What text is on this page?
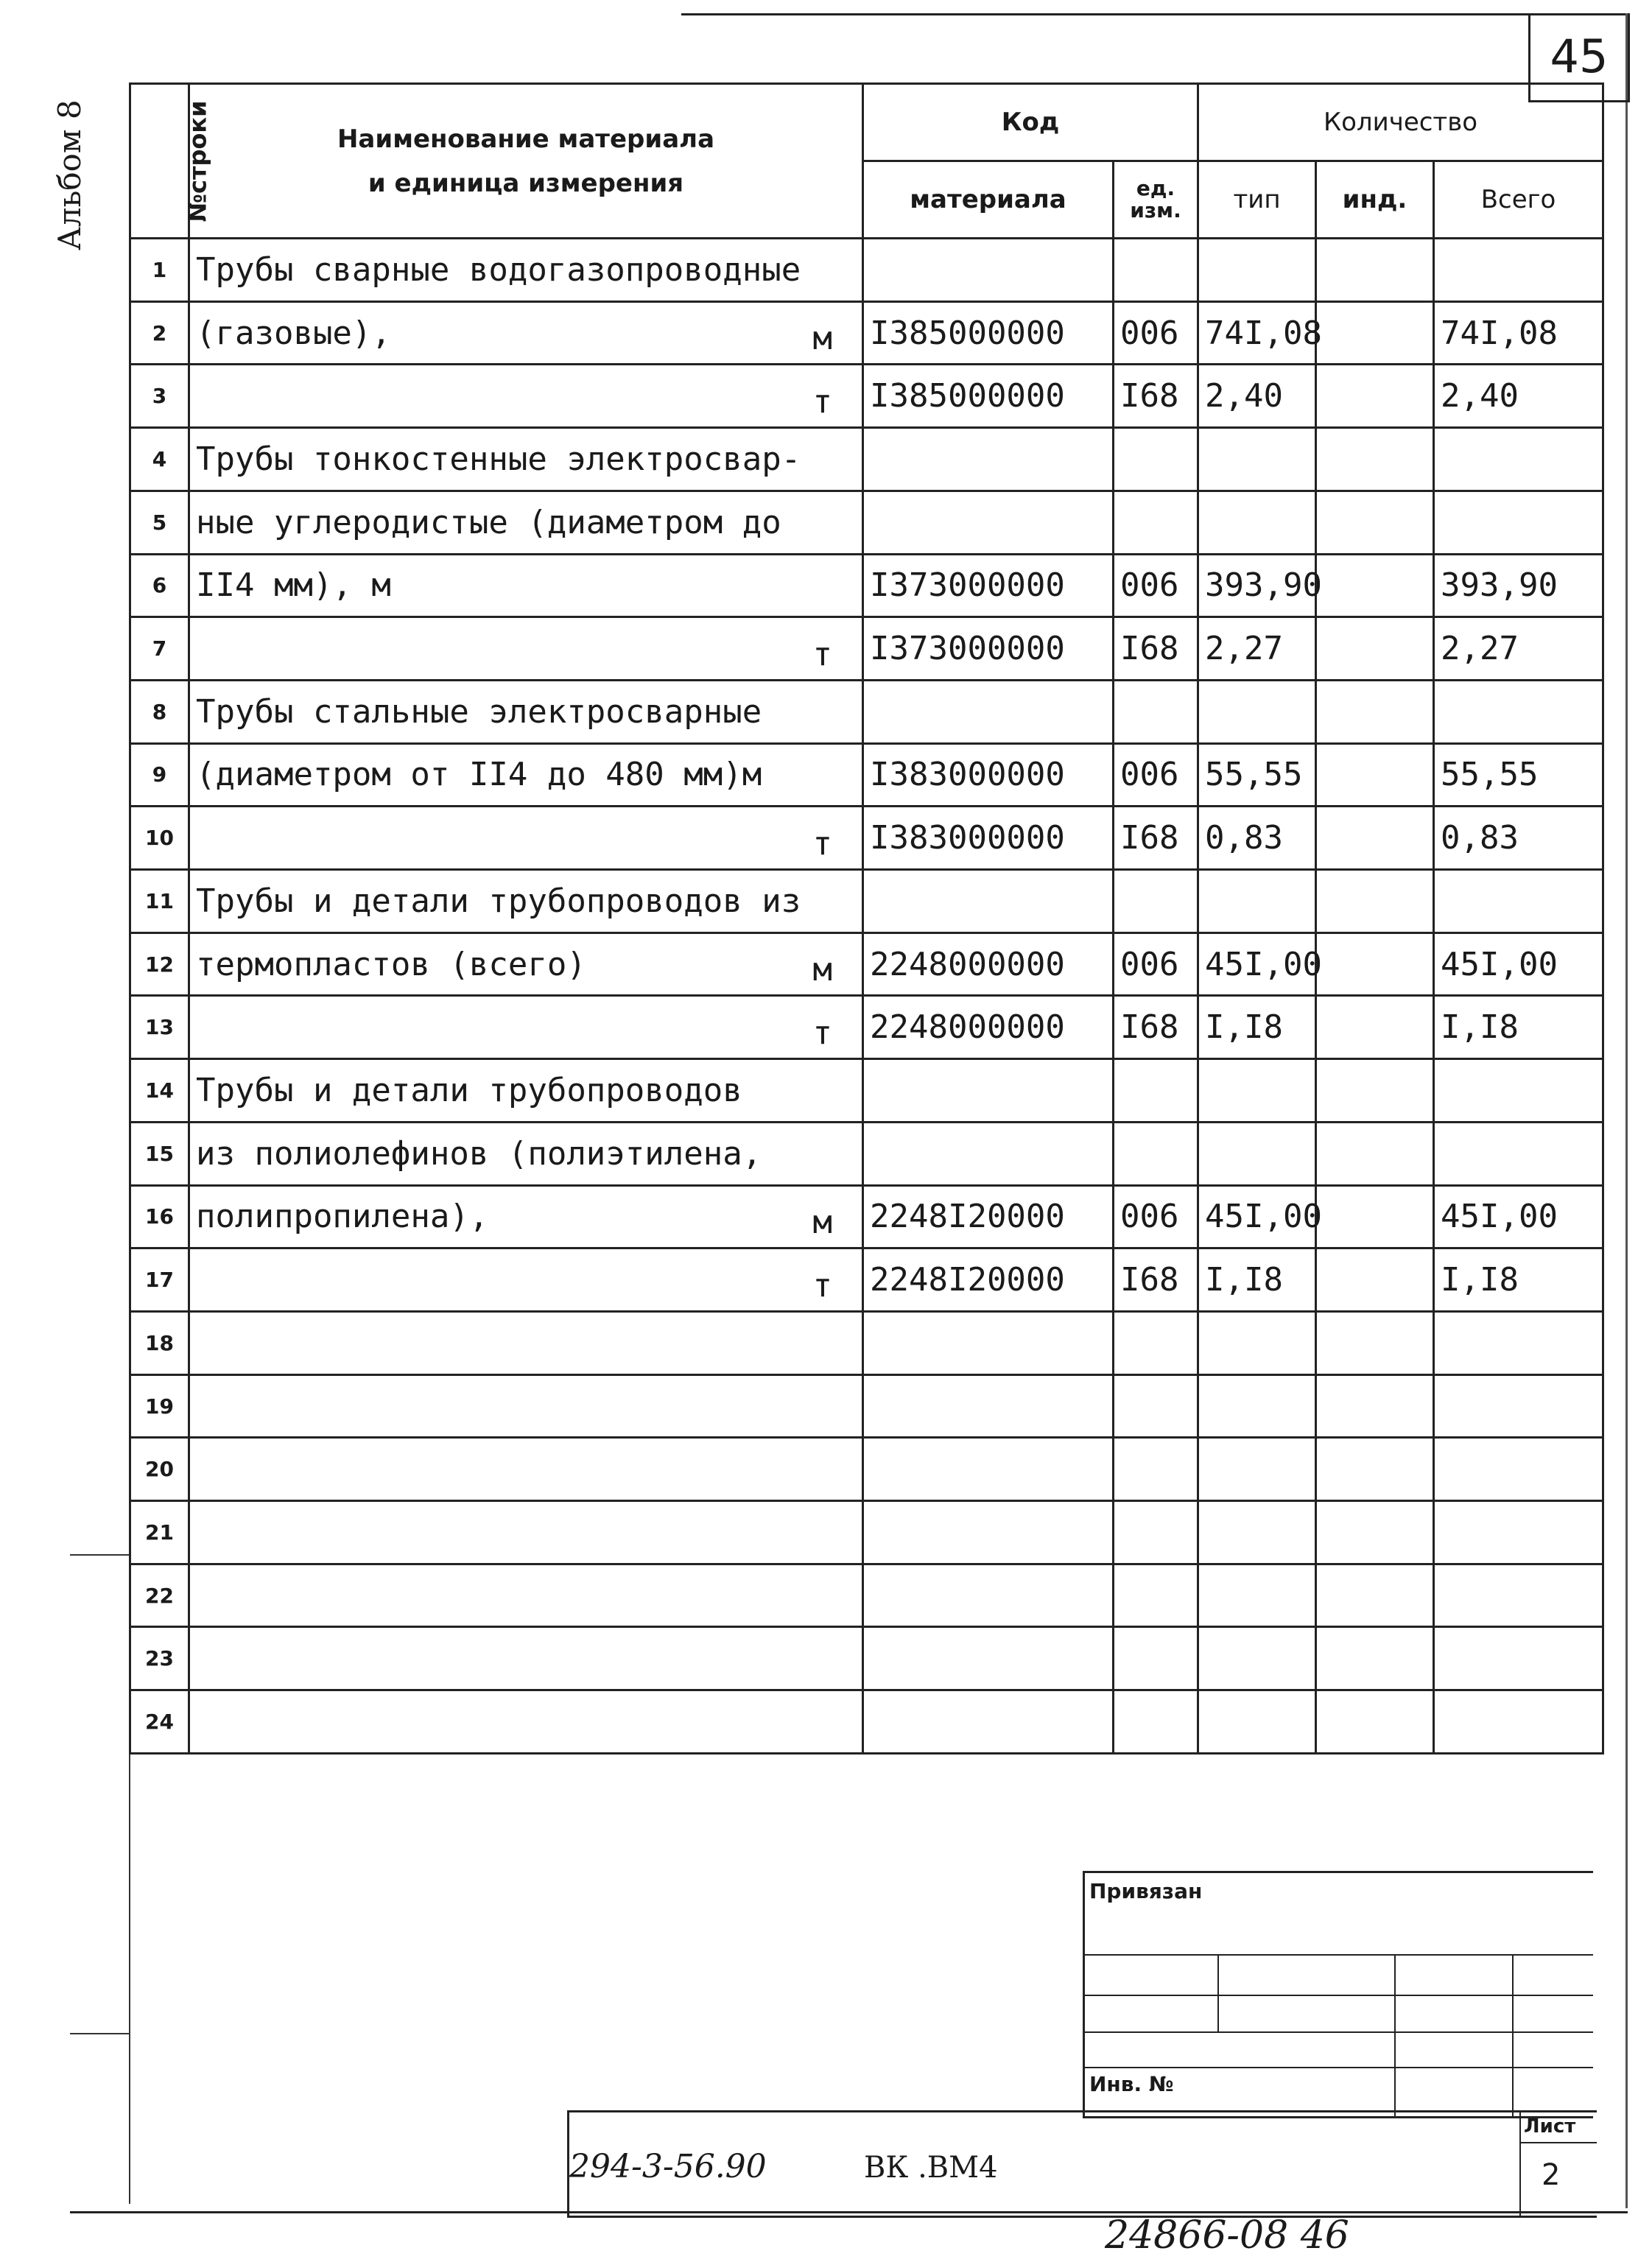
45
Альбом 8	№строки	Наименование материала
и единица измерения	Код		Количество		
		материала	ед. изм.	тип	инд.	Всего
1	Трубы сварные водогазопроводные

2	(газовые), м	I385000000	006	74I,08		74I,08
3	т	I385000000	I68	2,40		2,40
4	Трубы тонкостенные электросвар-

5	ные углеродистые (диаметром до

6	II4 мм), м	I373000000	006	393,90		393,90
7	т	I373000000	I68	2,27		2,27
8	Трубы стальные электросварные

9	(диаметром от II4 до 480 мм)м	I383000000	006	55,55		55,55
10	т	I383000000	I68	0,83		0,83
11	Трубы и детали трубопроводов из

12	термопластов (всего) м	2248000000	006	45I,00		45I,00
13	т	2248000000	I68	I,I8		I,I8
14	Трубы и детали трубопроводов

15	из полиолефинов (полиэтилена,

16	полипропилена), м	2248I20000	006	45I,00		45I,00
17	т	2248I20000	I68	I,I8		I,I8
18	

19	

20	

21	

22	

23	

24	

Привязан
Инв. №
294-3-56.90	ВК .ВМ4
Лист
2
24866-08 46
